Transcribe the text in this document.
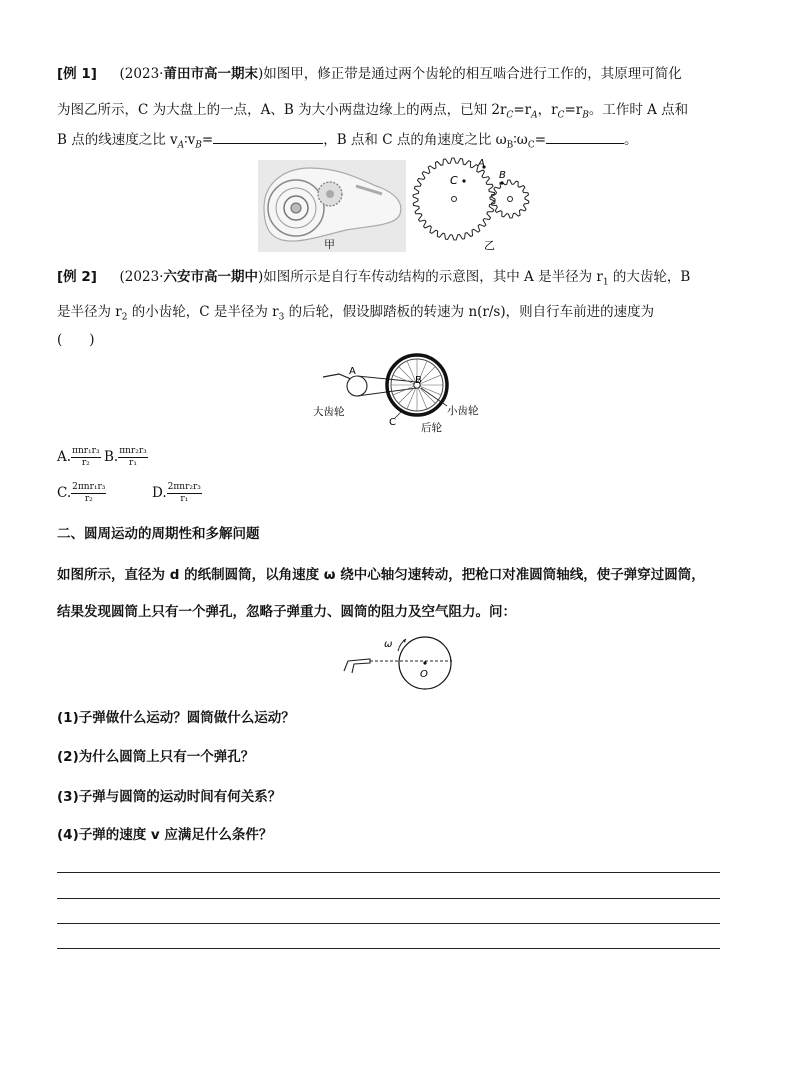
[例 1] (2023·莆田市高一期末)如图甲，修正带是通过两个齿轮的相互啮合进行工作的，其原理可简化
为图乙所示，C 为大盘上的一点，A、B 为大小两盘边缘上的两点，已知 $2r_C=r_A$，$r_C=r_B$。工作时 A 点和
B 点的线速度之比 $v_A∶v_B=$	，B 点和 C 点的角速度之比 $\omega_B∶\omega_C=$	。
甲
C
A
B
乙
[例 2] (2023·六安市高一期中)如图所示是自行车传动结构的示意图，其中 A 是半径为 $r_1$ 的大齿轮，B
是半径为 $r_2$ 的小齿轮，C 是半径为 $r_3$ 的后轮，假设脚踏板的转速为 n(r/s)，则自行车前进的速度为
(　　)
A
B
C
大齿轮	小齿轮
后轮
A. $\frac{\text{πnr₁r₃}}{\text{r₂}} B$. $\frac{\text{πnr₂r₃}}{\text{r₁}}$
C. $\frac{\text{2πnr₁r₃}}{\text{r₂}}$	D. $\frac{\text{2πnr₂r₃}}{\text{r₁}}$
二、圆周运动的周期性和多解问题
如图所示，直径为 d 的纸制圆筒，以角速度 ω 绕中心轴匀速转动，把枪口对准圆筒轴线，使子弹穿过圆筒，
结果发现圆筒上只有一个弹孔，忽略子弹重力、圆筒的阻力及空气阻力。问：
ω
O
(1)子弹做什么运动？圆筒做什么运动？
(2)为什么圆筒上只有一个弹孔？
(3)子弹与圆筒的运动时间有何关系？
(4)子弹的速度 v 应满足什么条件？
